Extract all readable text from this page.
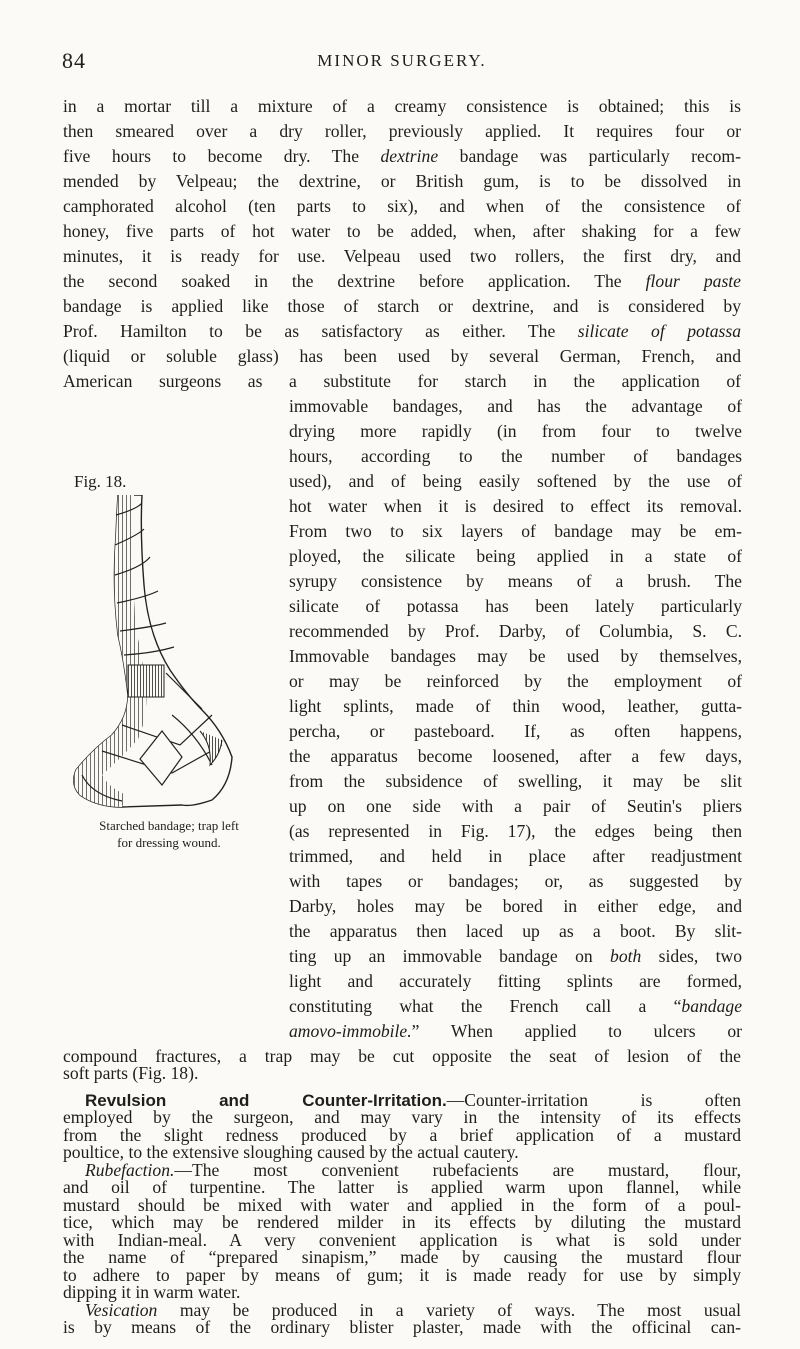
84	MINOR SURGERY.
in a mortar till a mixture of a creamy consistence is obtained; this is
then smeared over a dry roller, previously applied. It requires four or
five hours to become dry. The dextrine bandage was particularly recom-
mended by Velpeau; the dextrine, or British gum, is to be dissolved in
camphorated alcohol (ten parts to six), and when of the consistence of
honey, five parts of hot water to be added, when, after shaking for a few
minutes, it is ready for use. Velpeau used two rollers, the first dry, and
the second soaked in the dextrine before application. The flour paste
bandage is applied like those of starch or dextrine, and is considered by
Prof. Hamilton to be as satisfactory as either. The silicate of potassa
(liquid or soluble glass) has been used by several German, French, and
American surgeons as a substitute for starch in the application of
Fig. 18.
Starched bandage; trap left
for dressing wound.
immovable bandages, and has the advantage of
drying more rapidly (in from four to twelve
hours, according to the number of bandages
used), and of being easily softened by the use of
hot water when it is desired to effect its removal.
From two to six layers of bandage may be em-
ployed, the silicate being applied in a state of
syrupy consistence by means of a brush. The
silicate of potassa has been lately particularly
recommended by Prof. Darby, of Columbia, S. C.
Immovable bandages may be used by themselves,
or may be reinforced by the employment of
light splints, made of thin wood, leather, gutta-
percha, or pasteboard. If, as often happens,
the apparatus become loosened, after a few days,
from the subsidence of swelling, it may be slit
up on one side with a pair of Seutin's pliers
(as represented in Fig. 17), the edges being then
trimmed, and held in place after readjustment
with tapes or bandages; or, as suggested by
Darby, holes may be bored in either edge, and
the apparatus then laced up as a boot. By slit-
ting up an immovable bandage on both sides, two
light and accurately fitting splints are formed,
constituting what the French call a “bandage
amovo-immobile.” When applied to ulcers or
compound fractures, a trap may be cut opposite the seat of lesion of the
soft parts (Fig. 18).
Revulsion and Counter-Irritation.—Counter-irritation is often
employed by the surgeon, and may vary in the intensity of its effects
from the slight redness produced by a brief application of a mustard
poultice, to the extensive sloughing caused by the actual cautery.
Rubefaction.—The most convenient rubefacients are mustard, flour,
and oil of turpentine. The latter is applied warm upon flannel, while
mustard should be mixed with water and applied in the form of a poul-
tice, which may be rendered milder in its effects by diluting the mustard
with Indian-meal. A very convenient application is what is sold under
the name of “prepared sinapism,” made by causing the mustard flour
to adhere to paper by means of gum; it is made ready for use by simply
dipping it in warm water.
Vesication may be produced in a variety of ways. The most usual
is by means of the ordinary blister plaster, made with the officinal can-
